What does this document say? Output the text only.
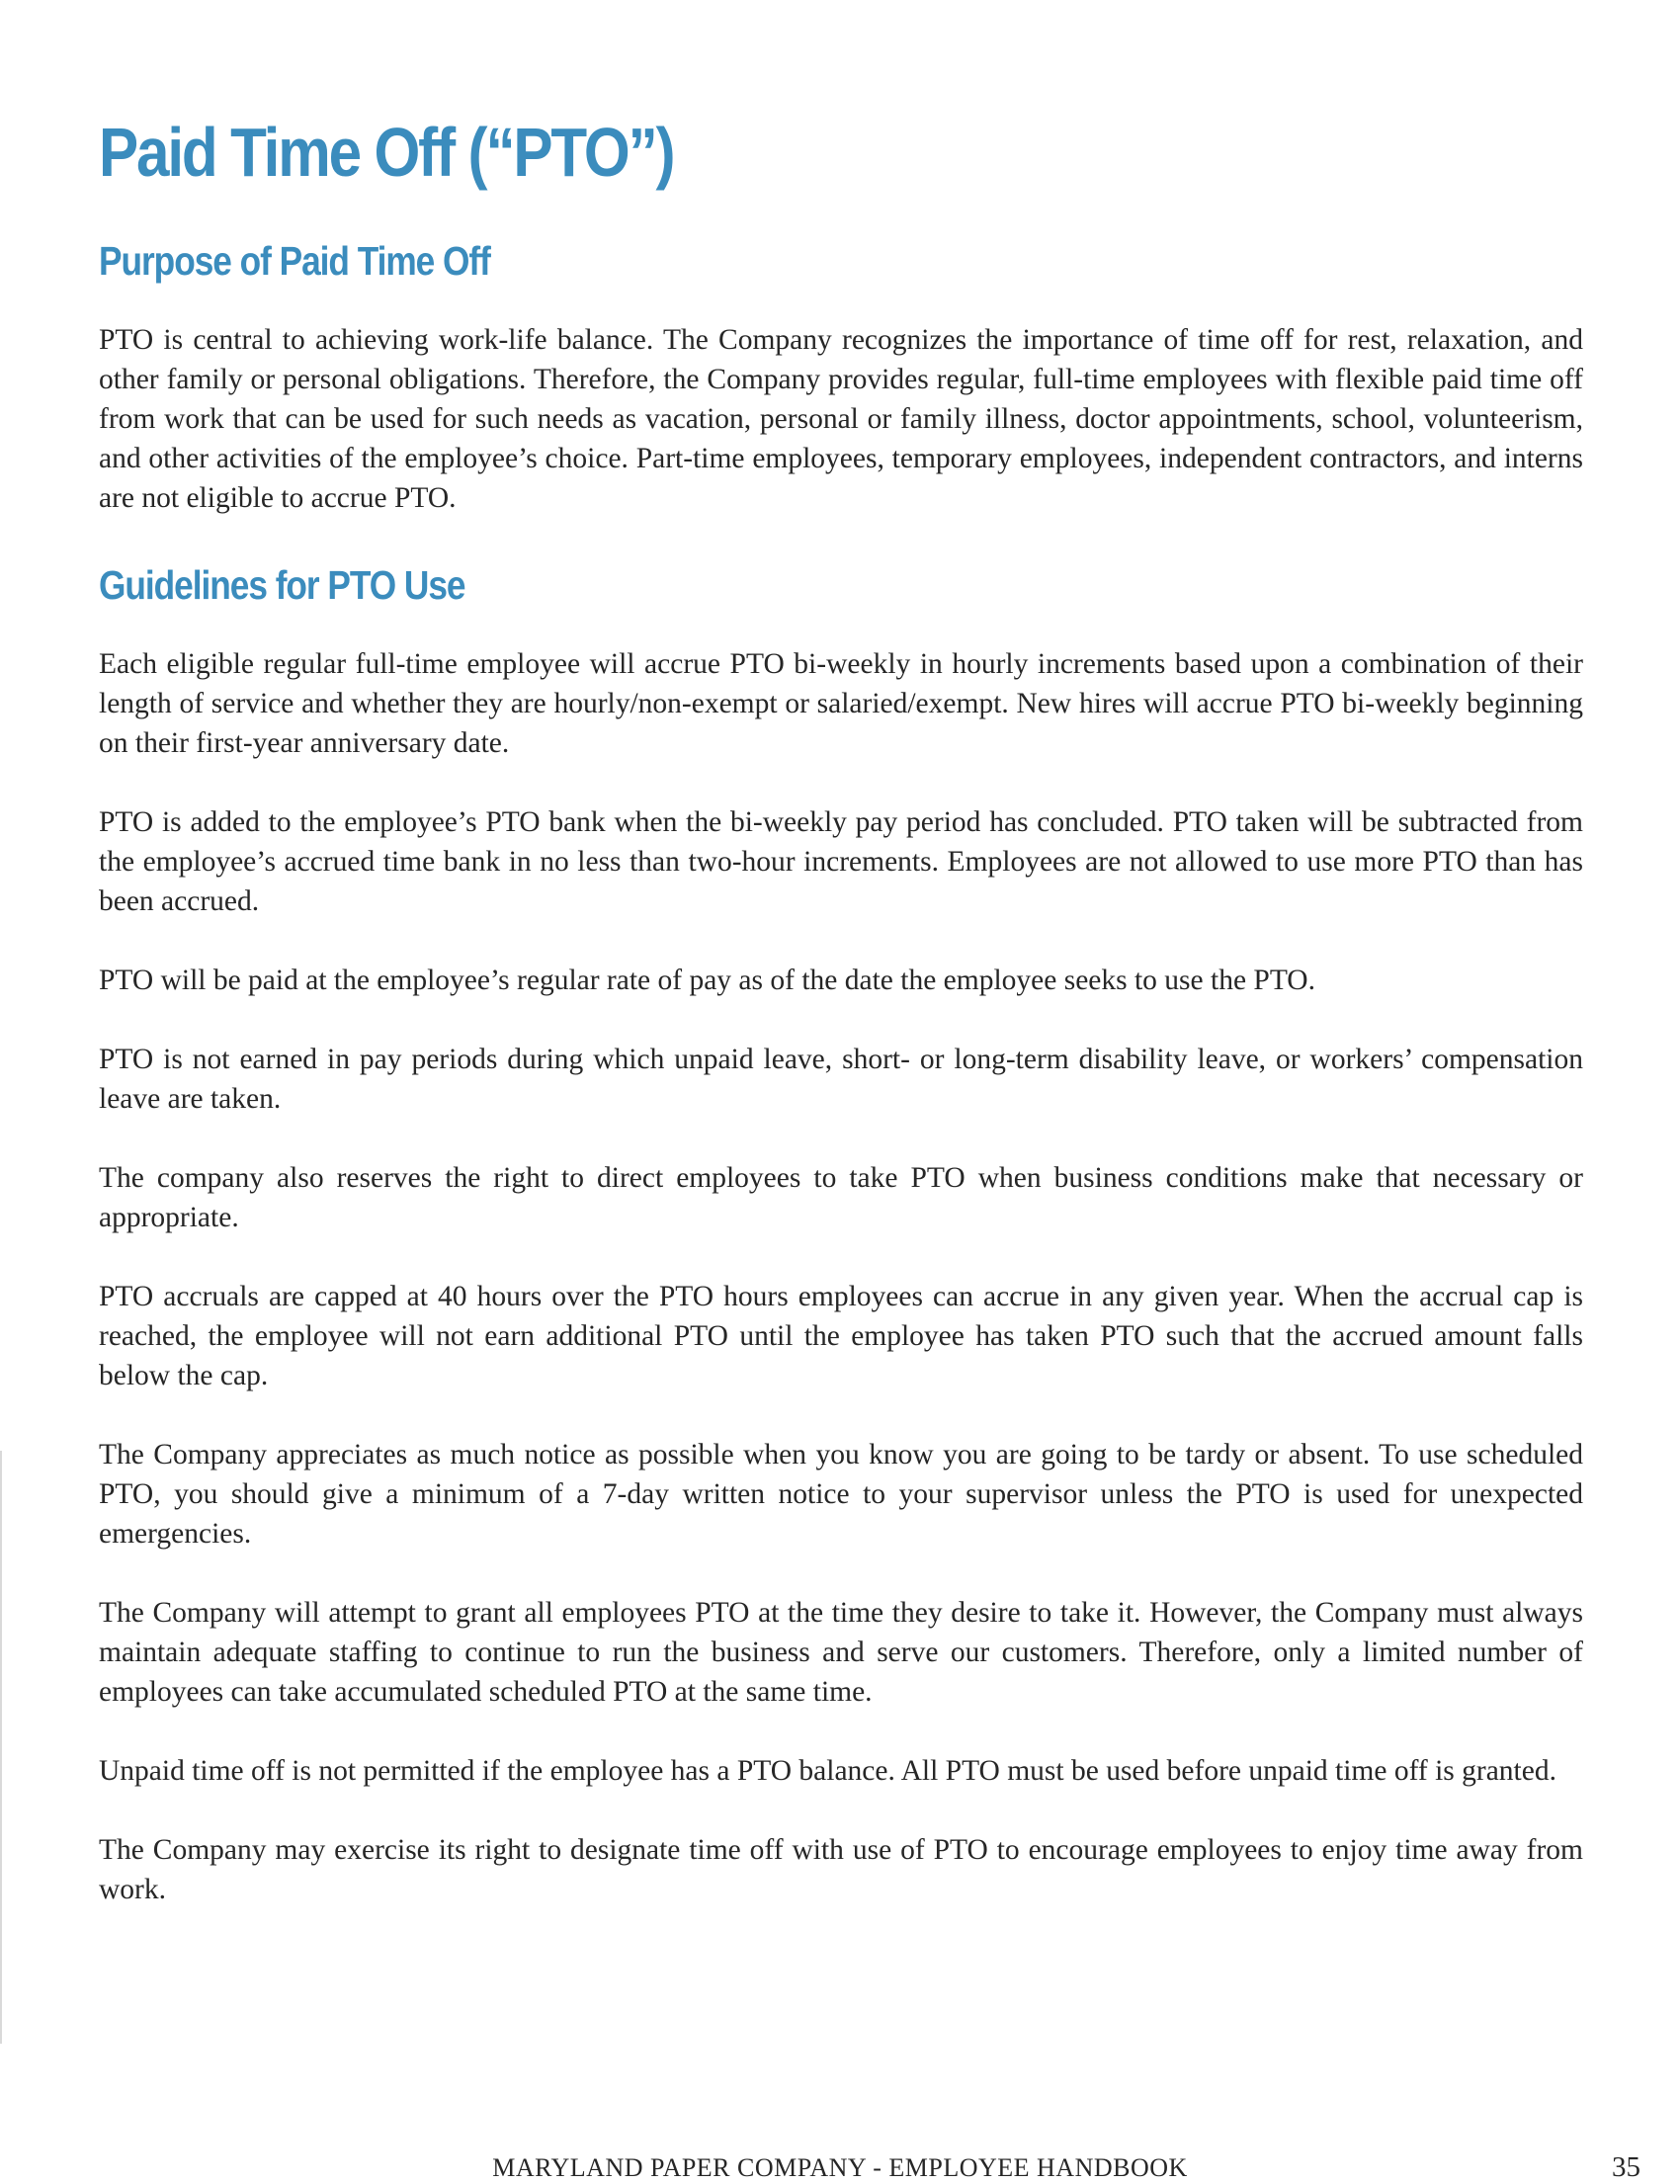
Paid Time Off (“PTO”)
Purpose of Paid Time Off

PTO is central to achieving work-life balance. The Company recognizes the importance of time off for rest, relaxation, and other family or personal obligations. Therefore, the Company provides regular, full-time employees with flexible paid time off from work that can be used for such needs as vacation, personal or family illness, doctor appointments, school, volunteerism, and other activities of the employee’s choice. Part-time employees, temporary employees, independent contractors, and interns are not eligible to accrue PTO.

Guidelines for PTO Use

Each eligible regular full-time employee will accrue PTO bi-weekly in hourly increments based upon a combination of their length of service and whether they are hourly/non-exempt or salaried/exempt. New hires will accrue PTO bi-weekly beginning on their first-year anniversary date.

PTO is added to the employee’s PTO bank when the bi-weekly pay period has concluded. PTO taken will be subtracted from the employee’s accrued time bank in no less than two-hour increments. Employees are not allowed to use more PTO than has been accrued.

PTO will be paid at the employee’s regular rate of pay as of the date the employee seeks to use the PTO.

PTO is not earned in pay periods during which unpaid leave, short- or long-term disability leave, or workers’ compensation leave are taken.

The company also reserves the right to direct employees to take PTO when business conditions make that necessary or appropriate.

PTO accruals are capped at 40 hours over the PTO hours employees can accrue in any given year. When the accrual cap is reached, the employee will not earn additional PTO until the employee has taken PTO such that the accrued amount falls below the cap.

The Company appreciates as much notice as possible when you know you are going to be tardy or absent. To use scheduled PTO, you should give a minimum of a 7-day written notice to your supervisor unless the PTO is used for unexpected emergencies.

The Company will attempt to grant all employees PTO at the time they desire to take it. However, the Company must always maintain adequate staffing to continue to run the business and serve our customers. Therefore, only a limited number of employees can take accumulated scheduled PTO at the same time.

Unpaid time off is not permitted if the employee has a PTO balance. All PTO must be used before unpaid time off is granted.

The Company may exercise its right to designate time off with use of PTO to encourage employees to enjoy time away from work.

MARYLAND PAPER COMPANY - EMPLOYEE HANDBOOK	35
